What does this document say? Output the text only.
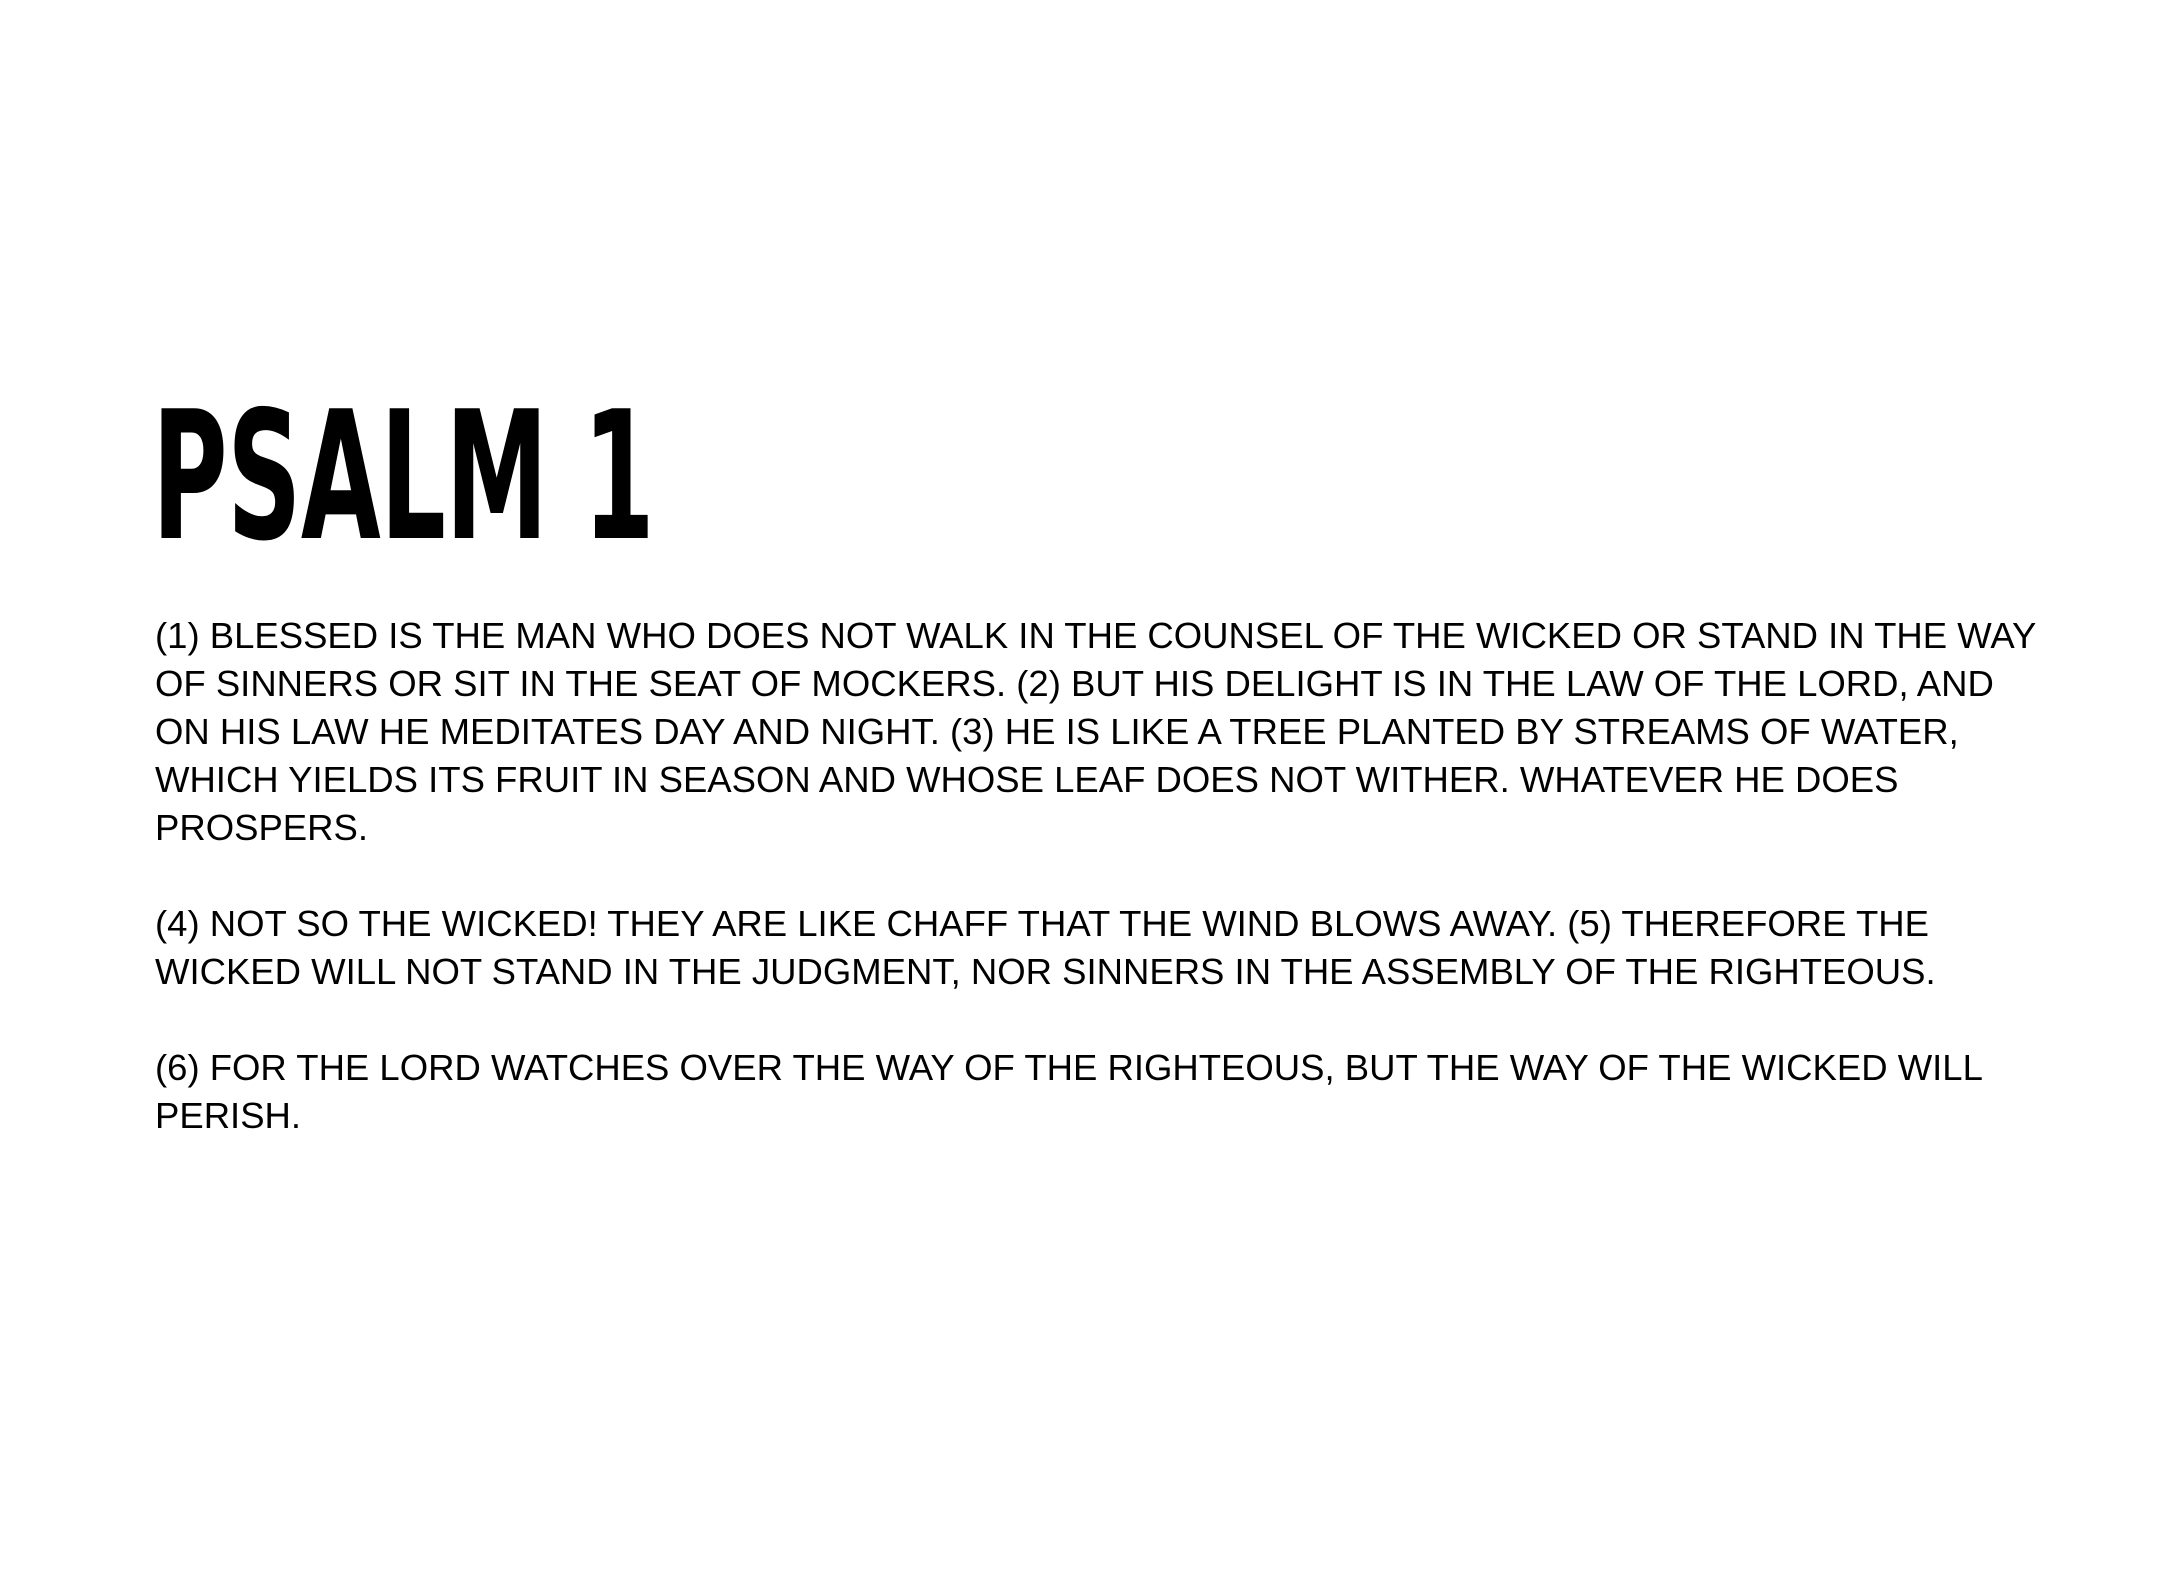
PSALM 1

(1) BLESSED IS THE MAN WHO DOES NOT WALK IN THE COUNSEL OF THE WICKED OR STAND IN THE WAY OF SINNERS OR SIT IN THE SEAT OF MOCKERS. (2) BUT HIS DELIGHT IS IN THE LAW OF THE LORD, AND ON HIS LAW HE MEDITATES DAY AND NIGHT. (3) HE IS LIKE A TREE PLANTED BY STREAMS OF WATER, WHICH YIELDS ITS FRUIT IN SEASON AND WHOSE LEAF DOES NOT WITHER. WHATEVER HE DOES PROSPERS.

(4) NOT SO THE WICKED! THEY ARE LIKE CHAFF THAT THE WIND BLOWS AWAY. (5) THEREFORE THE WICKED WILL NOT STAND IN THE JUDGMENT, NOR SINNERS IN THE ASSEMBLY OF THE RIGHTEOUS.

(6) FOR THE LORD WATCHES OVER THE WAY OF THE RIGHTEOUS, BUT THE WAY OF THE WICKED WILL PERISH.
